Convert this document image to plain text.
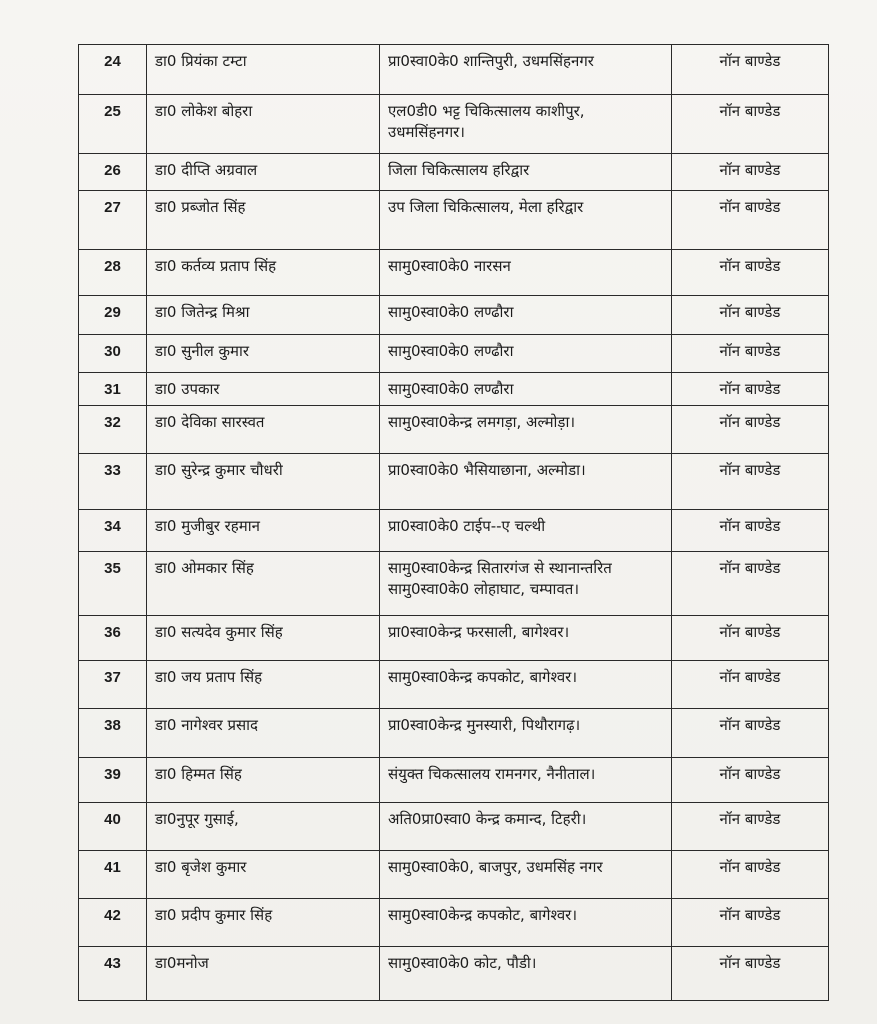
24	डा0 प्रियंका टम्टा	प्रा0स्वा0के0 शान्तिपुरी, उधमसिंहनगर	नॉन बाण्डेड
25	डा0 लोकेश बोहरा	एल0डी0 भट्ट चिकित्सालय काशीपुर, उधमसिंहनगर।	नॉन बाण्डेड
26	डा0 दीप्ति अग्रवाल	जिला चिकित्सालय हरिद्वार	नॉन बाण्डेड
27	डा0 प्रब्जोत सिंह	उप जिला चिकित्सालय, मेला हरिद्वार	नॉन बाण्डेड
28	डा0 कर्तव्य प्रताप सिंह	सामु0स्वा0के0 नारसन	नॉन बाण्डेड
29	डा0 जितेन्द्र मिश्रा	सामु0स्वा0के0 लण्ढौरा	नॉन बाण्डेड
30	डा0 सुनील कुमार	सामु0स्वा0के0 लण्ढौरा	नॉन बाण्डेड
31	डा0 उपकार	सामु0स्वा0के0 लण्ढौरा	नॉन बाण्डेड
32	डा0 देविका सारस्वत	सामु0स्वा0केन्द्र लमगड़ा, अल्मोड़ा।	नॉन बाण्डेड
33	डा0 सुरेन्द्र कुमार चौधरी	प्रा0स्वा0के0 भैसियाछाना, अल्मोडा।	नॉन बाण्डेड
34	डा0 मुजीबुर रहमान	प्रा0स्वा0के0 टाईप--ए चल्थी	नॉन बाण्डेड
35	डा0 ओमकार सिंह	सामु0स्वा0केन्द्र सितारगंज से स्थानान्तरित सामु0स्वा0के0 लोहाघाट, चम्पावत।	नॉन बाण्डेड
36	डा0 सत्यदेव कुमार सिंह	प्रा0स्वा0केन्द्र फरसाली, बागेश्वर।	नॉन बाण्डेड
37	डा0 जय प्रताप सिंह	सामु0स्वा0केन्द्र कपकोट, बागेश्वर।	नॉन बाण्डेड
38	डा0 नागेश्वर प्रसाद	प्रा0स्वा0केन्द्र मुनस्यारी, पिथौरागढ़।	नॉन बाण्डेड
39	डा0 हिम्मत सिंह	संयुक्त चिकत्सालय रामनगर, नैनीताल।	नॉन बाण्डेड
40	डा0नुपूर गुसाई,	अति0प्रा0स्वा0 केन्द्र कमान्द, टिहरी।	नॉन बाण्डेड
41	डा0 बृजेश कुमार	सामु0स्वा0के0, बाजपुर, उधमसिंह नगर	नॉन बाण्डेड
42	डा0 प्रदीप कुमार सिंह	सामु0स्वा0केन्द्र कपकोट, बागेश्वर।	नॉन बाण्डेड
43	डा0मनोज	सामु0स्वा0के0 कोट, पौडी।	नॉन बाण्डेड
